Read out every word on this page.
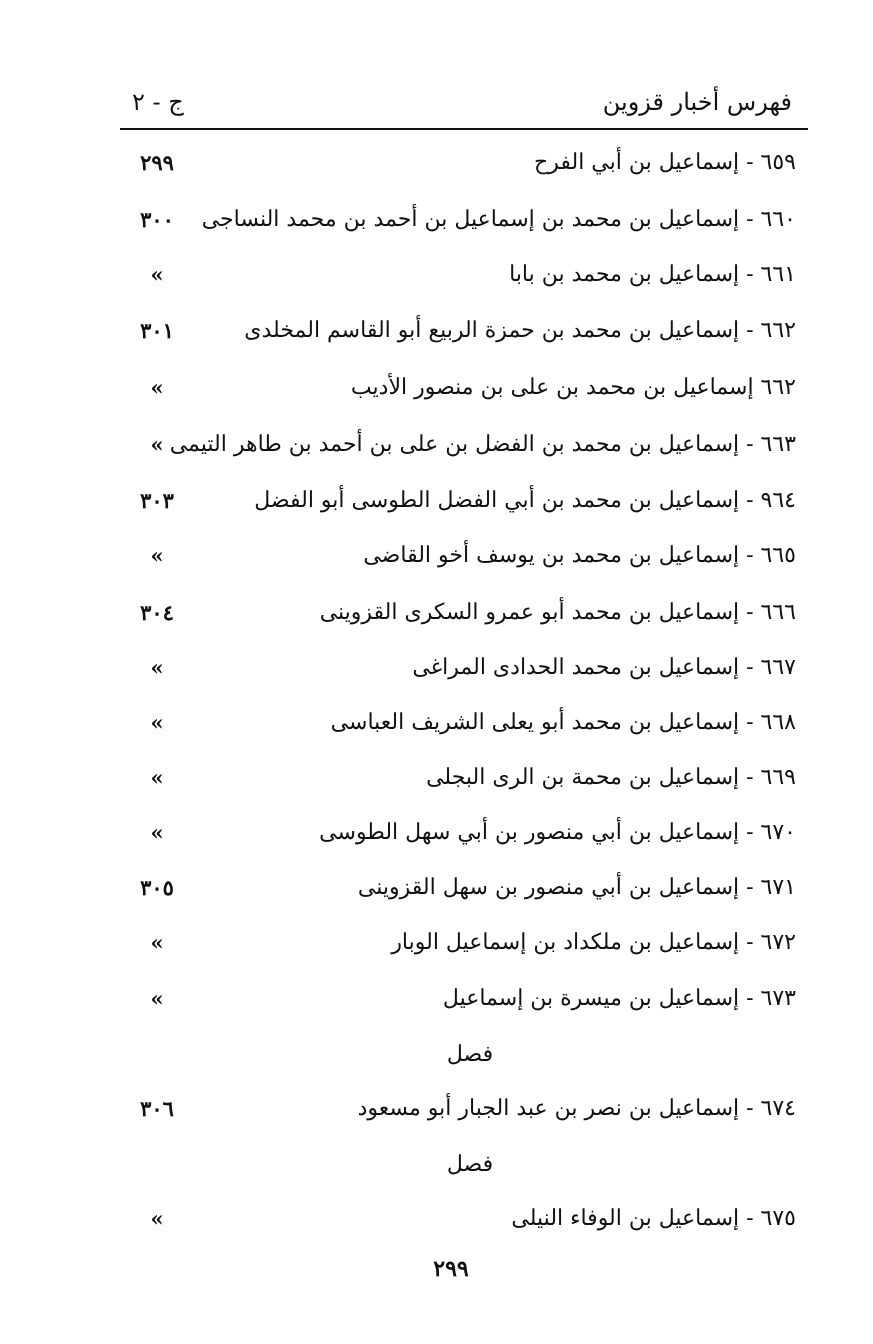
فهرس أخبار قزوين
ج - ٢
٦٥٩ - إسماعيل بن أبي الفرح
٢٩٩
٦٦٠ - إسماعيل بن محمد بن إسماعيل بن أحمد بن محمد النساجى
٣٠٠
٦٦١ - إسماعيل بن محمد بن بابا
»
٦٦٢ - إسماعيل بن محمد بن حمزة الربيع أبو القاسم المخلدى
٣٠١
٦٦٢ إسماعيل بن محمد بن على بن منصور الأديب
»
٦٦٣ - إسماعيل بن محمد بن الفضل بن على بن أحمد بن طاهر التيمى
»
٩٦٤ - إسماعيل بن محمد بن أبي الفضل الطوسى أبو الفضل
٣٠٣
٦٦٥ - إسماعيل بن محمد بن يوسف أخو القاضى
»
٦٦٦ - إسماعيل بن محمد أبو عمرو السكرى القزوينى
٣٠٤
٦٦٧ - إسماعيل بن محمد الحدادى المراغى
»
٦٦٨ - إسماعيل بن محمد أبو يعلى الشريف العباسى
»
٦٦٩ - إسماعيل بن محمة بن الرى البجلى
»
٦٧٠ - إسماعيل بن أبي منصور بن أبي سهل الطوسى
»
٦٧١ - إسماعيل بن أبي منصور بن سهل القزوينى
٣٠٥
٦٧٢ - إسماعيل بن ملكداد بن إسماعيل الوبار
»
٦٧٣ - إسماعيل بن ميسرة بن إسماعيل
»
فصل
٦٧٤ - إسماعيل بن نصر بن عبد الجبار أبو مسعود
٣٠٦
فصل
٦٧٥ - إسماعيل بن الوفاء النيلى
»
٢٩٩
